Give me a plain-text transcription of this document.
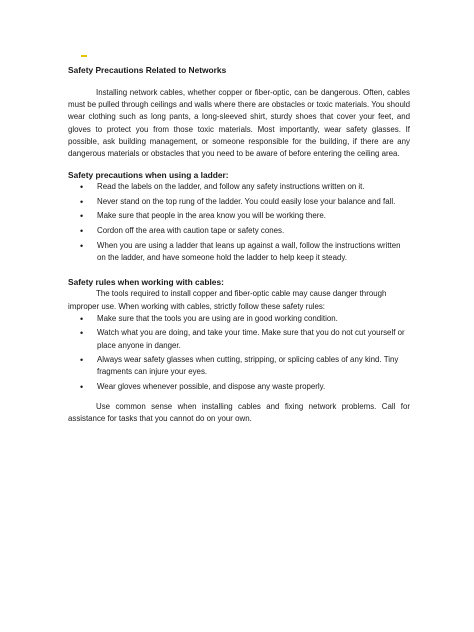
Safety Precautions Related to Networks

Installing network cables, whether copper or fiber-optic, can be dangerous. Often, cables must be pulled through ceilings and walls where there are obstacles or toxic materials. You should wear clothing such as long pants, a long-sleeved shirt, sturdy shoes that cover your feet, and gloves to protect you from those toxic materials. Most importantly, wear safety glasses. If possible, ask building management, or someone responsible for the building, if there are any dangerous materials or obstacles that you need to be aware of before entering the ceiling area.

Safety precautions when using a ladder:
• Read the labels on the ladder, and follow any safety instructions written on it.
• Never stand on the top rung of the ladder. You could easily lose your balance and fall.
• Make sure that people in the area know you will be working there.
• Cordon off the area with caution tape or safety cones.
• When you are using a ladder that leans up against a wall, follow the instructions written on the ladder, and have someone hold the ladder to help keep it steady.
Safety rules when working with cables:

The tools required to install copper and fiber-optic cable may cause danger through improper use. When working with cables, strictly follow these safety rules:

• Make sure that the tools you are using are in good working condition.
• Watch what you are doing, and take your time. Make sure that you do not cut yourself or place anyone in danger.
• Always wear safety glasses when cutting, stripping, or splicing cables of any kind. Tiny fragments can injure your eyes.
• Wear gloves whenever possible, and dispose any waste properly.

Use common sense when installing cables and fixing network problems. Call for assistance for tasks that you cannot do on your own.
